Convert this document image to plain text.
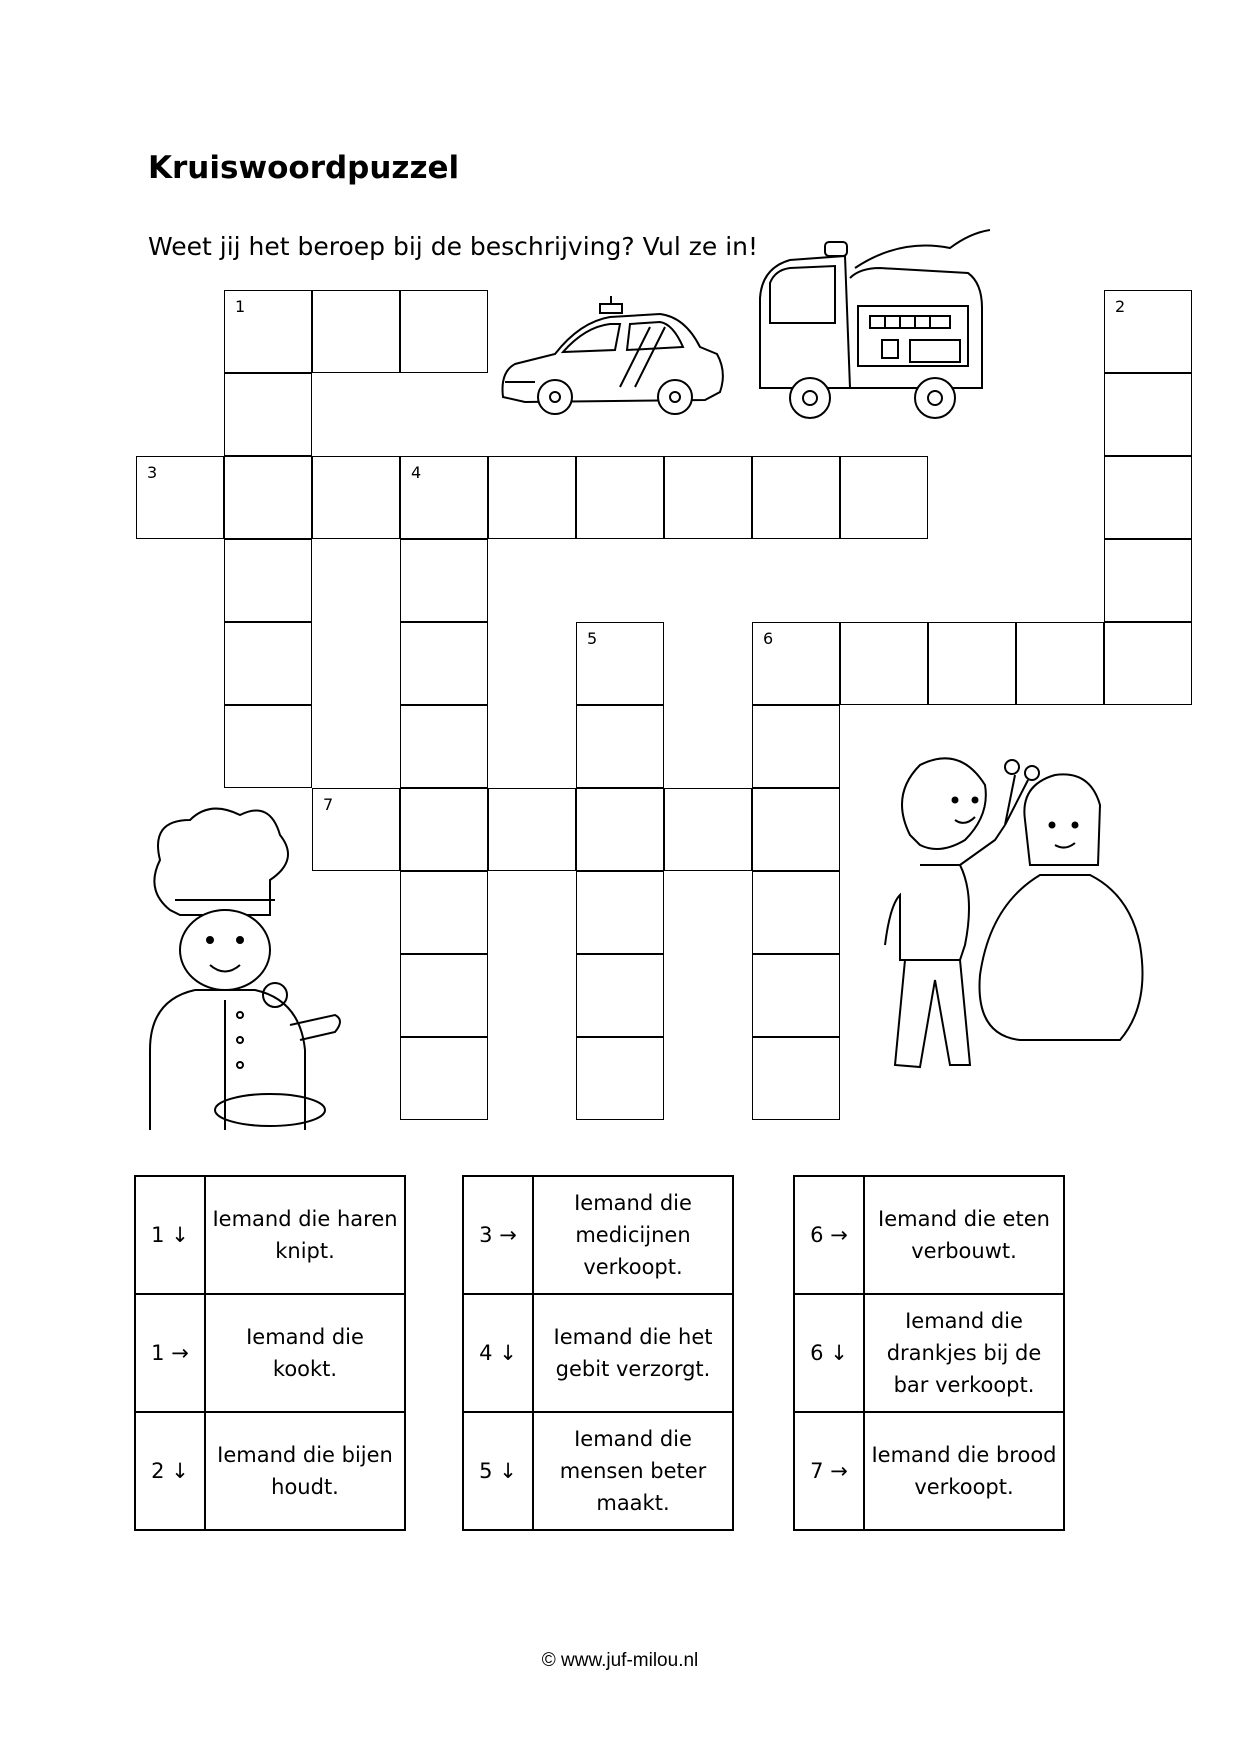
Kruiswoordpuzzel
Weet jij het beroep bij de beschrijving? Vul ze in!
1	2
3	4
5	6
7
1 ↓	Iemand die haren knipt.
1 →	Iemand die kookt.
2 ↓	Iemand die bijen houdt.
3 →	Iemand die medicijnen verkoopt.
4 ↓	Iemand die het gebit verzorgt.
5 ↓	Iemand die mensen beter maakt.
6 →	Iemand die eten verbouwt.
6 ↓	Iemand die drankjes bij de bar verkoopt.
7 →	Iemand die brood verkoopt.
© www.juf-milou.nl
